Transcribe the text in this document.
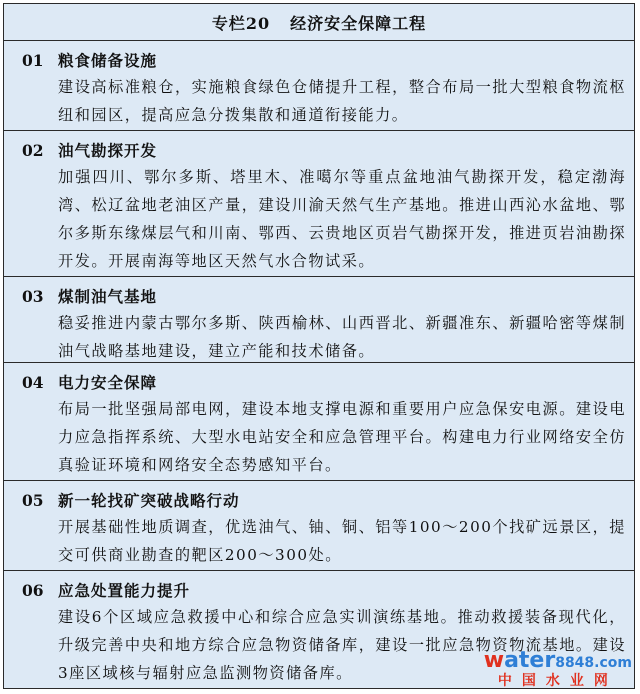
专栏20 经济安全保障工程
01 粮食储备设施
建设高标准粮仓，实施粮食绿色仓储提升工程，整合布局一批大型粮食物流枢纽和园区，提高应急分拨集散和通道衔接能力。
02 油气勘探开发
加强四川、鄂尔多斯、塔里木、准噶尔等重点盆地油气勘探开发，稳定渤海湾、松辽盆地老油区产量，建设川渝天然气生产基地。推进山西沁水盆地、鄂尔多斯东缘煤层气和川南、鄂西、云贵地区页岩气勘探开发，推进页岩油勘探开发。开展南海等地区天然气水合物试采。
03 煤制油气基地
稳妥推进内蒙古鄂尔多斯、陕西榆林、山西晋北、新疆准东、新疆哈密等煤制油气战略基地建设，建立产能和技术储备。
04 电力安全保障
布局一批坚强局部电网，建设本地支撑电源和重要用户应急保安电源。建设电力应急指挥系统、大型水电站安全和应急管理平台。构建电力行业网络安全仿真验证环境和网络安全态势感知平台。
05 新一轮找矿突破战略行动
开展基础性地质调查，优选油气、铀、铜、铝等100～200个找矿远景区，提交可供商业勘查的靶区200～300处。
06 应急处置能力提升
建设6个区域应急救援中心和综合应急实训演练基地。推动救援装备现代化，升级完善中央和地方综合应急物资储备库，建设一批应急物资物流基地。建设3座区域核与辐射应急监测物资储备库。	water8848.com
中国水业网
